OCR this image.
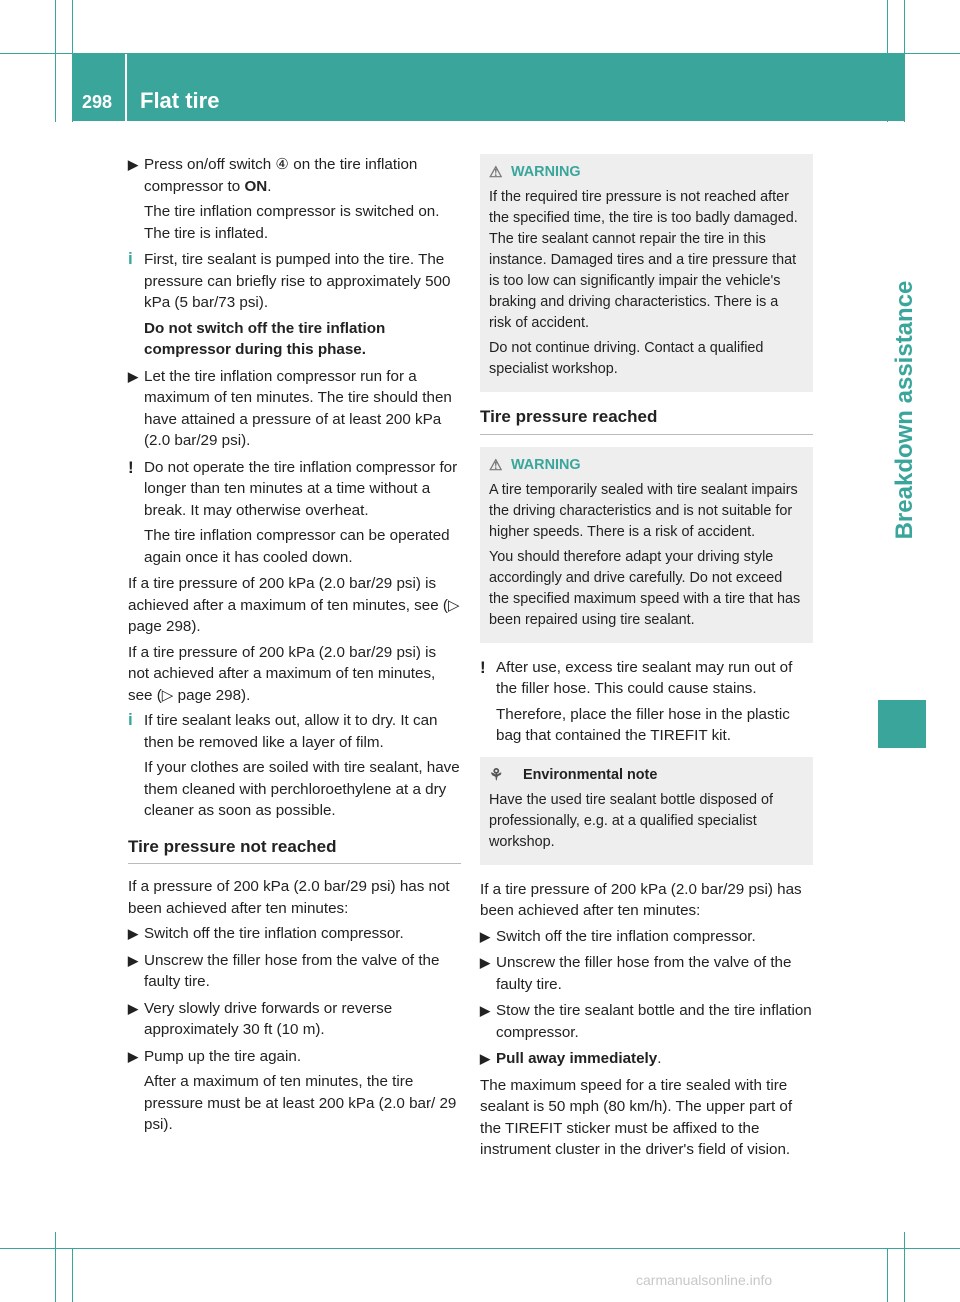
298 Flat tire
Breakdown assistance
▶ Press on/off switch ④ on the tire inflation compressor to ON.

The tire inflation compressor is switched on. The tire is inflated.

i First, tire sealant is pumped into the tire. The pressure can briefly rise to approximately 500 kPa (5 bar/73 psi).

Do not switch off the tire inflation compressor during this phase.

▶ Let the tire inflation compressor run for a maximum of ten minutes. The tire should then have attained a pressure of at least 200 kPa (2.0 bar/29 psi).

! Do not operate the tire inflation compressor for longer than ten minutes at a time without a break. It may otherwise overheat.

The tire inflation compressor can be operated again once it has cooled down.

If a tire pressure of 200 kPa (2.0 bar/29 psi) is achieved after a maximum of ten minutes, see (▷ page 298).

If a tire pressure of 200 kPa (2.0 bar/29 psi) is not achieved after a maximum of ten minutes, see (▷ page 298).

i If tire sealant leaks out, allow it to dry. It can then be removed like a layer of film.

If your clothes are soiled with tire sealant, have them cleaned with perchloroethylene at a dry cleaner as soon as possible.

Tire pressure not reached

If a pressure of 200 kPa (2.0 bar/29 psi) has not been achieved after ten minutes:

▶ Switch off the tire inflation compressor.

▶ Unscrew the filler hose from the valve of the faulty tire.

▶ Very slowly drive forwards or reverse approximately 30 ft (10 m).

▶ Pump up the tire again.

After a maximum of ten minutes, the tire pressure must be at least 200 kPa (2.0 bar/ 29 psi).

⚠ WARNING

If the required tire pressure is not reached after the specified time, the tire is too badly damaged. The tire sealant cannot repair the tire in this instance. Damaged tires and a tire pressure that is too low can significantly impair the vehicle's braking and driving characteristics. There is a risk of accident.

Do not continue driving. Contact a qualified specialist workshop.

Tire pressure reached
⚠ WARNING

A tire temporarily sealed with tire sealant impairs the driving characteristics and is not suitable for higher speeds. There is a risk of accident.

You should therefore adapt your driving style accordingly and drive carefully. Do not exceed the specified maximum speed with a tire that has been repaired using tire sealant.

! After use, excess tire sealant may run out of the filler hose. This could cause stains.

Therefore, place the filler hose in the plastic bag that contained the TIREFIT kit.

⚘	Environmental note

Have the used tire sealant bottle disposed of professionally, e.g. at a qualified specialist workshop.

If a tire pressure of 200 kPa (2.0 bar/29 psi) has been achieved after ten minutes:

▶ Switch off the tire inflation compressor.

▶ Unscrew the filler hose from the valve of the faulty tire.

▶ Stow the tire sealant bottle and the tire inflation compressor.

▶ Pull away immediately.

The maximum speed for a tire sealed with tire sealant is 50 mph (80 km/h). The upper part of the TIREFIT sticker must be affixed to the instrument cluster in the driver's field of vision.

carmanualsonline.info
